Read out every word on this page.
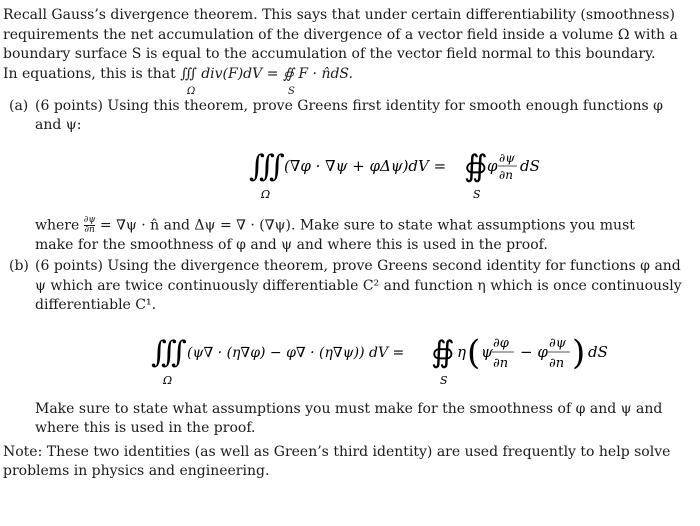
Recall Gauss’s divergence theorem. This says that under certain differentiability (smoothness)

requirements the net accumulation of the divergence of a vector field inside a volume Ω with a

boundary surface S is equal to the accumulation of the vector field normal to this boundary.

In equations, this is that ∭ div(F)dV = ∯ F · n̂dS.
Ω	S
(a) (6 points) Using this theorem, prove Greens first identity for smooth enough functions φ
and ψ:
∭
Ω
(∇φ · ∇ψ + φΔψ)dV = ∯
S
φ ∂ψ
∂n dS
where $\frac{\partial\psi}{\partial n} = \nabla\psi$ · n̂ and Δψ = ∇ · (∇ψ). Make sure to state what assumptions you must
make for the smoothness of φ and ψ and where this is used in the proof.
(b) (6 points) Using the divergence theorem, prove Greens second identity for functions φ and
ψ which are twice continuously differentiable C² and function η which is once continuously
differentiable C¹.
∭
Ω
(ψ∇ · (η∇φ) − φ∇ · (η∇ψ)) dV = ∯
S
η ( ψ ∂φ
∂n
− φ ∂ψ
∂n ) dS
Make sure to state what assumptions you must make for the smoothness of φ and ψ and
where this is used in the proof.
Note: These two identities (as well as Green’s third identity) are used frequently to help solve
problems in physics and engineering.
